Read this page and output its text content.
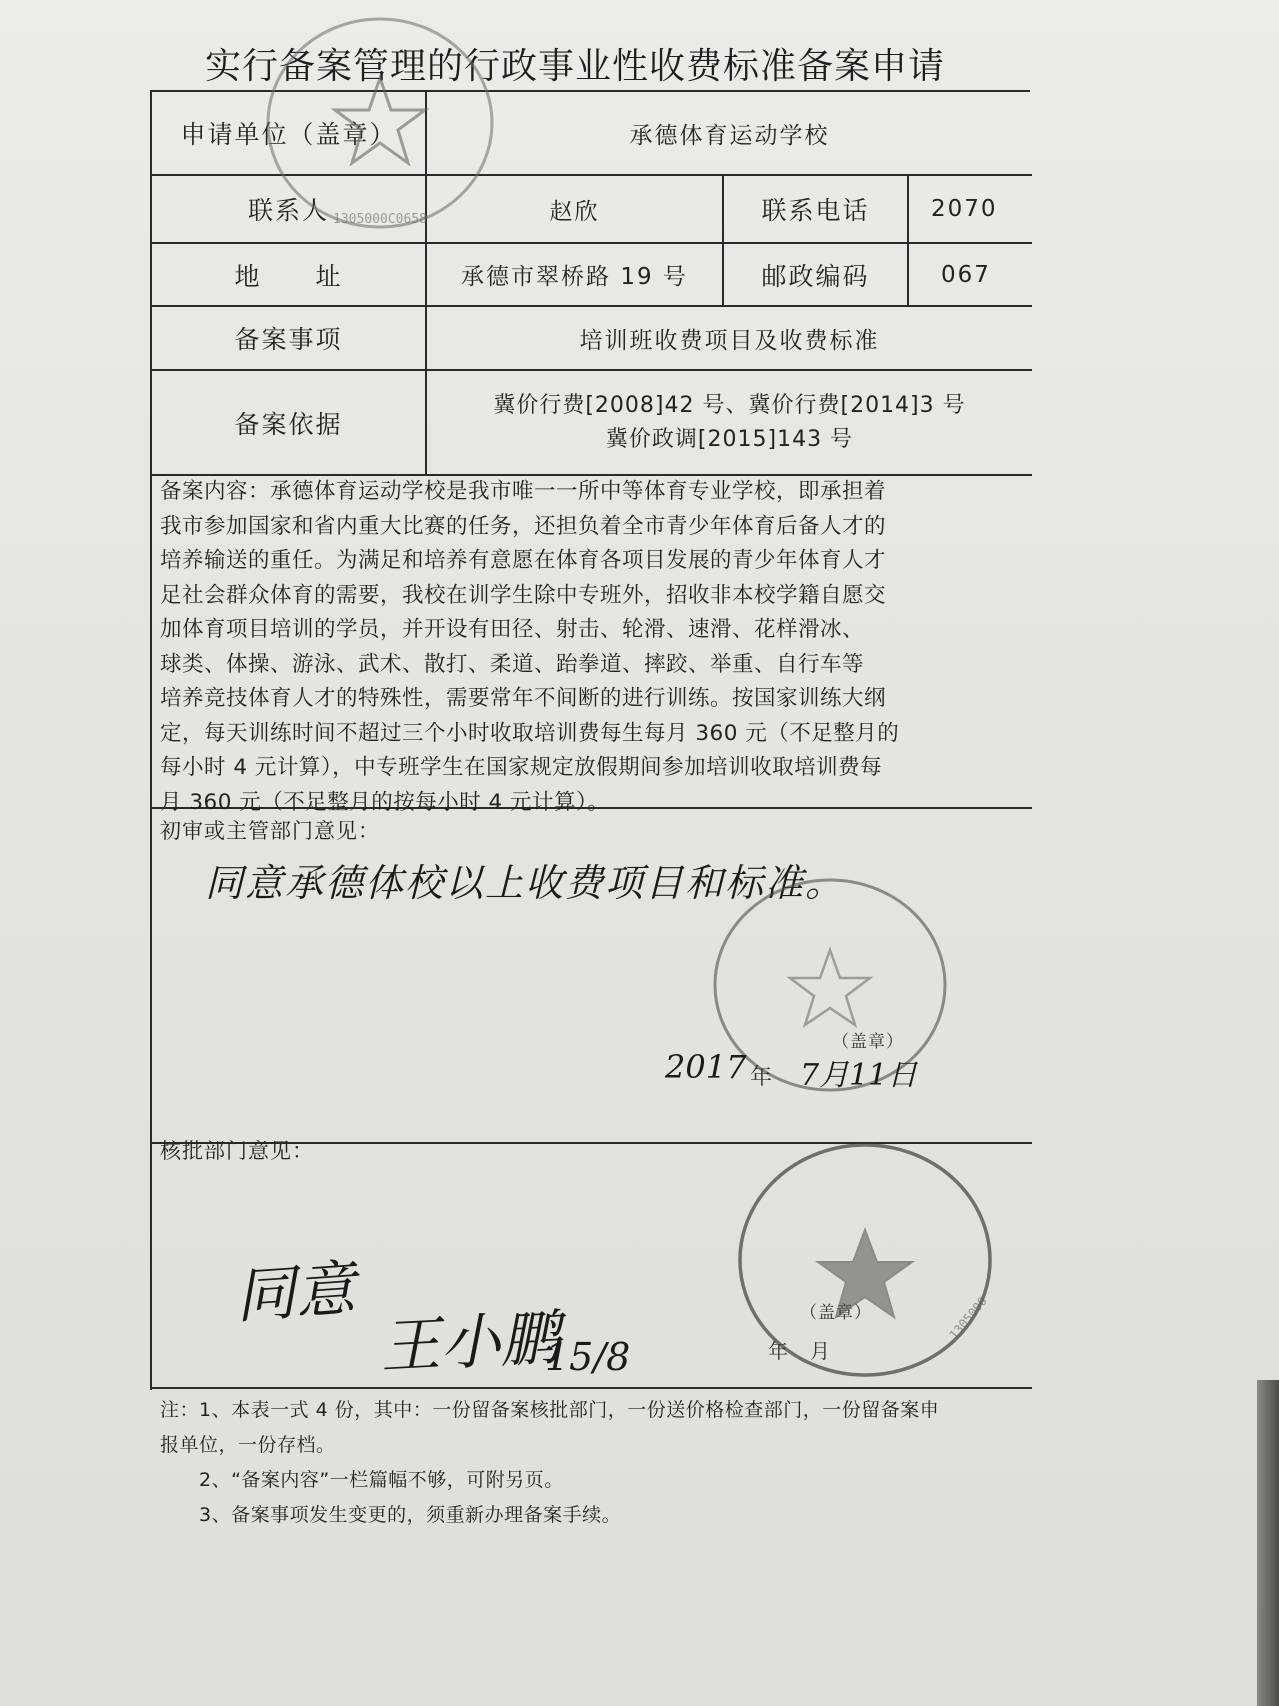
实行备案管理的行政事业性收费标准备案申请
申请单位（盖章）	承德体育运动学校
联系人	赵欣	联系电话	2070
地　　址	承德市翠桥路 19 号	邮政编码	067
备案事项	培训班收费项目及收费标准
备案依据
冀价行费[2008]42 号、冀价行费[2014]3 号
冀价政调[2015]143 号
1305000C0658
备案内容：承德体育运动学校是我市唯一一所中等体育专业学校，即承担着
我市参加国家和省内重大比赛的任务，还担负着全市青少年体育后备人才的
培养输送的重任。为满足和培养有意愿在体育各项目发展的青少年体育人才
足社会群众体育的需要，我校在训学生除中专班外，招收非本校学籍自愿交
加体育项目培训的学员，并开设有田径、射击、轮滑、速滑、花样滑冰、
球类、体操、游泳、武术、散打、柔道、跆拳道、摔跤、举重、自行车等
培养竞技体育人才的特殊性，需要常年不间断的进行训练。按国家训练大纲
定，每天训练时间不超过三个小时收取培训费每生每月 360 元（不足整月的
每小时 4 元计算），中专班学生在国家规定放假期间参加培训收取培训费每
月 360 元（不足整月的按每小时 4 元计算）。
初审或主管部门意见：
同意承德体校以上收费项目和标准。
（盖章）
2017 年 7月11日
核批部门意见：
1305000
（盖章）
年　月
同意
王小鹏
15/8
注：1、本表一式 4 份，其中：一份留备案核批部门，一份送价格检查部门，一份留备案申
报单位，一份存档。
　　2、“备案内容”一栏篇幅不够，可附另页。
　　3、备案事项发生变更的，须重新办理备案手续。
